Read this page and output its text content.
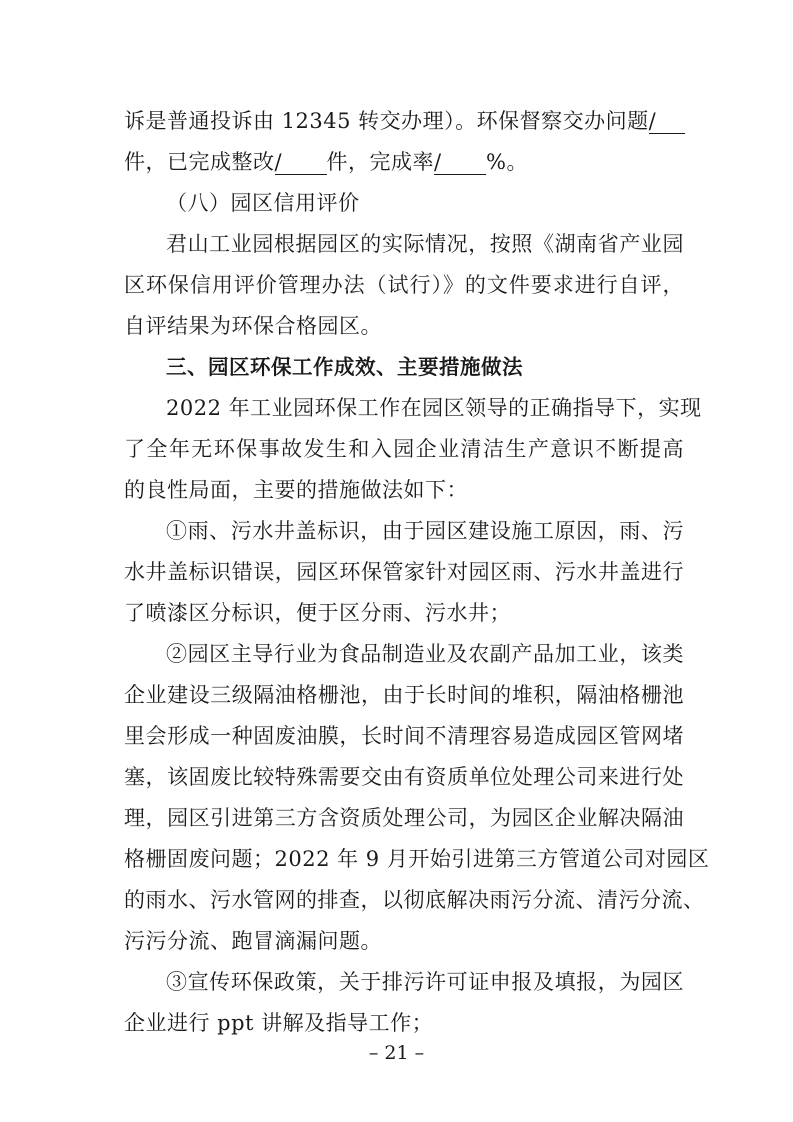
诉是普通投诉由 12345 转交办理）。环保督察交办问题/
件，已完成整改/ 件，完成率/ %。
（八）园区信用评价
君山工业园根据园区的实际情况，按照《湖南省产业园
区环保信用评价管理办法（试行）》的文件要求进行自评，
自评结果为环保合格园区。
三、园区环保工作成效、主要措施做法
2022 年工业园环保工作在园区领导的正确指导下，实现
了全年无环保事故发生和入园企业清洁生产意识不断提高
的良性局面，主要的措施做法如下：
①雨、污水井盖标识，由于园区建设施工原因，雨、污
水井盖标识错误，园区环保管家针对园区雨、污水井盖进行
了喷漆区分标识，便于区分雨、污水井；
②园区主导行业为食品制造业及农副产品加工业，该类
企业建设三级隔油格栅池，由于长时间的堆积，隔油格栅池
里会形成一种固废油膜，长时间不清理容易造成园区管网堵
塞，该固废比较特殊需要交由有资质单位处理公司来进行处
理，园区引进第三方含资质处理公司，为园区企业解决隔油
格栅固废问题；2022 年 9 月开始引进第三方管道公司对园区
的雨水、污水管网的排查，以彻底解决雨污分流、清污分流、
污污分流、跑冒滴漏问题。
③宣传环保政策，关于排污许可证申报及填报，为园区
企业进行 ppt 讲解及指导工作；
– 21 –
